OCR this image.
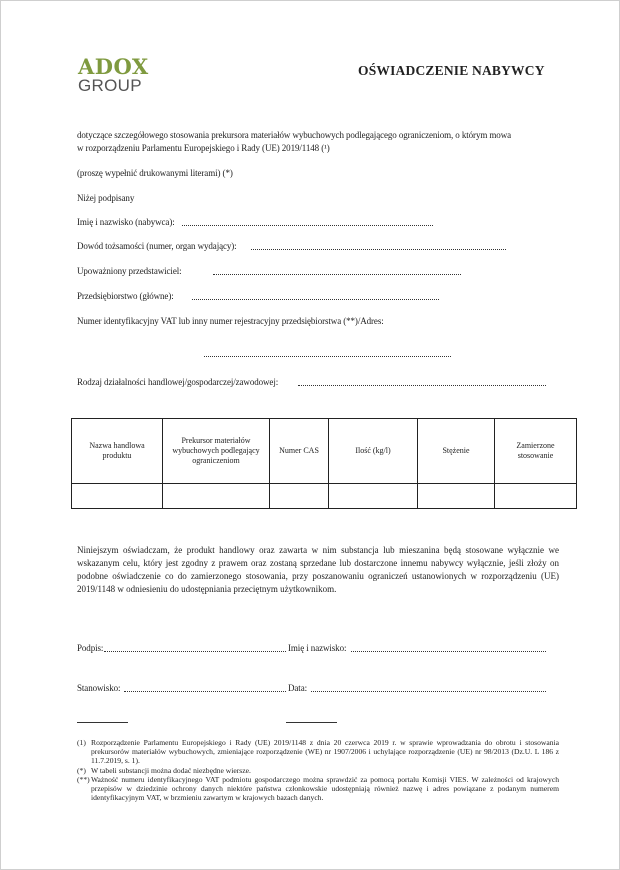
ADOX
GROUP
OŚWIADCZENIE NABYWCY
dotyczące szczegółowego stosowania prekursora materiałów wybuchowych podlegającego ograniczeniom, o którym mowa
w rozporządzeniu Parlamentu Europejskiego i Rady (UE) 2019/1148 (¹)
(proszę wypełnić drukowanymi literami) (*)
Niżej podpisany
Imię i nazwisko (nabywca):
Dowód tożsamości (numer, organ wydający):
Upoważniony przedstawiciel:
Przedsiębiorstwo (główne):
Numer identyfikacyjny VAT lub inny numer rejestracyjny przedsiębiorstwa (**)/Adres:
Rodzaj działalności handlowej/gospodarczej/zawodowej:
Nazwa handlowa produktu	Prekursor materiałów wybuchowych podlegający ograniczeniom	Numer CAS	Ilość (kg/l)	Stężenie	Zamierzone stosowanie

Niniejszym oświadczam, że produkt handlowy oraz zawarta w nim substancja lub mieszanina będą stosowane wyłącznie we wskazanym celu, który jest zgodny z prawem oraz zostaną sprzedane lub dostarczone innemu nabywcy wyłącznie, jeśli złoży on podobne oświadczenie co do zamierzonego stosowania, przy poszanowaniu ograniczeń ustanowionych w rozporządzeniu (UE) 2019/1148 w odniesieniu do udostępniania przeciętnym użytkownikom.
Podpis:	Imię i nazwisko:
Stanowisko:	Data:
(1) Rozporządzenie Parlamentu Europejskiego i Rady (UE) 2019/1148 z dnia 20 czerwca 2019 r. w sprawie wprowadzania do obrotu i stosowania prekursorów materiałów wybuchowych, zmieniające rozporządzenie (WE) nr 1907/2006 i uchylające rozporządzenie (UE) nr 98/2013 (Dz.U. L 186 z 11.7.2019, s. 1).
(*) W tabeli substancji można dodać niezbędne wiersze.
(**) Ważność numeru identyfikacyjnego VAT podmiotu gospodarczego można sprawdzić za pomocą portalu Komisji VIES. W zależności od krajowych przepisów w dziedzinie ochrony danych niektóre państwa członkowskie udostępniają również nazwę i adres powiązane z podanym numerem identyfikacyjnym VAT, w brzmieniu zawartym w krajowych bazach danych.
